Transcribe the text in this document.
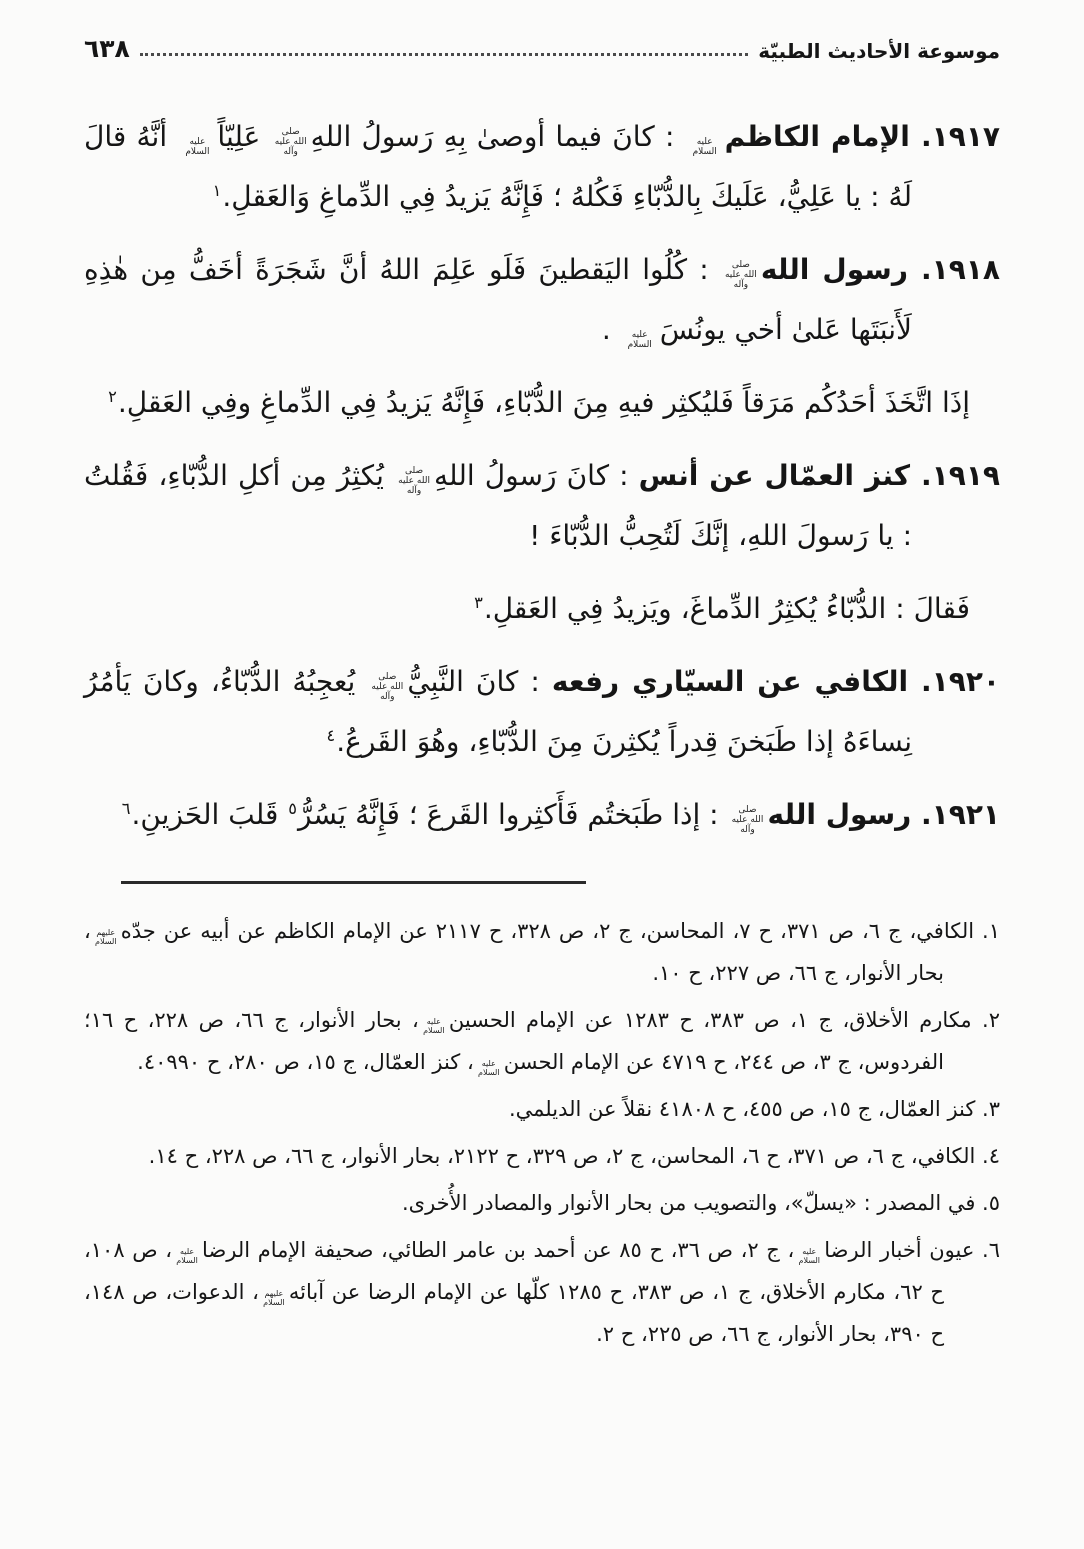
٦٣٨	موسوعة الأحاديث الطبيّة
١٩١٧. الإمام الكاظمعليه السلام : كانَ فيما أوصىٰ بِهِ رَسولُ اللهِصلى الله عليه وآله عَلِيّاًعليه السلام أنَّهُ قالَ لَهُ : يا عَلِيُّ، عَلَيكَ بِالدُّبّاءِ فَكُلهُ ؛ فَإِنَّهُ يَزيدُ فِي الدِّماغِ وَالعَقلِ.$^١$
١٩١٨. رسول اللهصلى الله عليه وآله : كُلُوا اليَقطينَ فَلَو عَلِمَ اللهُ أنَّ شَجَرَةً أخَفُّ مِن هٰذِهِ لَأَنبَتَها عَلىٰ أخي يونُسَعليه السلام .
إذَا اتَّخَذَ أحَدُكُم مَرَقاً فَليُكثِر فيهِ مِنَ الدُّبّاءِ، فَإِنَّهُ يَزيدُ فِي الدِّماغِ وفِي العَقلِ.$^٢$
١٩١٩. كنز العمّال عن أنس : كانَ رَسولُ اللهِصلى الله عليه وآله يُكثِرُ مِن أكلِ الدُّبّاءِ، فَقُلتُ : يا رَسولَ اللهِ، إنَّكَ لَتُحِبُّ الدُّبّاءَ !
فَقالَ : الدُّبّاءُ يُكثِرُ الدِّماغَ، ويَزيدُ فِي العَقلِ.$^٣$
١٩٢٠. الكافي عن السيّاري رفعه : كانَ النَّبِيُّصلى الله عليه وآله يُعجِبُهُ الدُّبّاءُ، وكانَ يَأمُرُ نِساءَهُ إذا طَبَخنَ قِدراً يُكثِرنَ مِنَ الدُّبّاءِ، وهُوَ القَرعُ.$^٤$
١٩٢١. رسول اللهصلى الله عليه وآله : إذا طَبَختُم فَأَكثِروا القَرعَ ؛ فَإِنَّهُ يَسُرُّ$^٥$ قَلبَ الحَزينِ.$^٦$
١. الكافي، ج ٦، ص ٣٧١، ح ٧، المحاسن، ج ٢، ص ٣٢٨، ح ٢١١٧ عن الإمام الكاظم عن أبيه عن جدّهعليهم السلام، بحار الأنوار، ج ٦٦، ص ٢٢٧، ح ١٠.
٢. مكارم الأخلاق، ج ١، ص ٣٨٣، ح ١٢٨٣ عن الإمام الحسينعليه السلام، بحار الأنوار، ج ٦٦، ص ٢٢٨، ح ١٦؛ الفردوس، ج ٣، ص ٢٤٤، ح ٤٧١٩ عن الإمام الحسنعليه السلام، كنز العمّال، ج ١٥، ص ٢٨٠، ح ٤٠٩٩٠.
٣. كنز العمّال، ج ١٥، ص ٤٥٥، ح ٤١٨٠٨ نقلاً عن الديلمي.
٤. الكافي، ج ٦، ص ٣٧١، ح ٦، المحاسن، ج ٢، ص ٣٢٩، ح ٢١٢٢، بحار الأنوار، ج ٦٦، ص ٢٢٨، ح ١٤.
٥. في المصدر : «يسلّ»، والتصويب من بحار الأنوار والمصادر الأُخرى.
٦. عيون أخبار الرضاعليه السلام، ج ٢، ص ٣٦، ح ٨٥ عن أحمد بن عامر الطائي، صحيفة الإمام الرضاعليه السلام، ص ١٠٨، ح ٦٢، مكارم الأخلاق، ج ١، ص ٣٨٣، ح ١٢٨٥ كلّها عن الإمام الرضا عن آبائهعليهم السلام، الدعوات، ص ١٤٨، ح ٣٩٠، بحار الأنوار، ج ٦٦، ص ٢٢٥، ح ٢.
